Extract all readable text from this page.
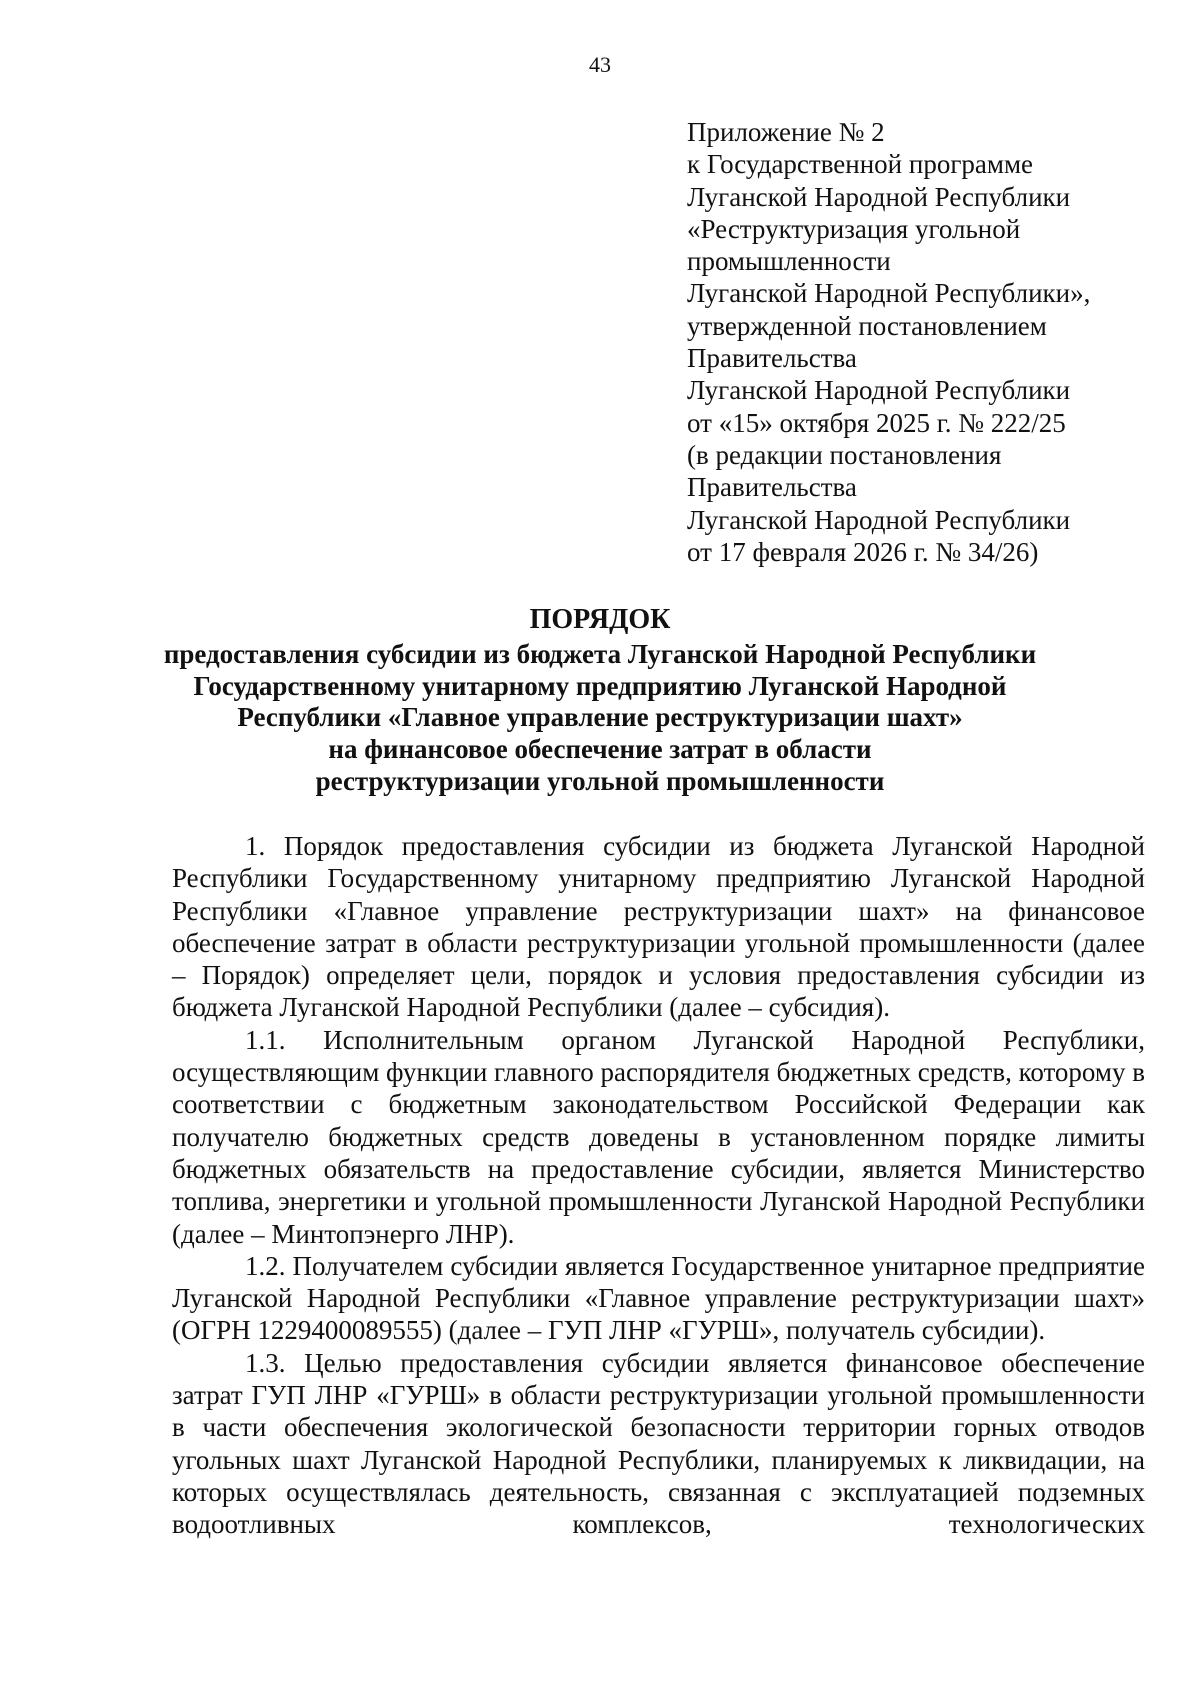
43
Приложение № 2
к Государственной программе
Луганской Народной Республики
«Реструктуризация угольной
промышленности
Луганской Народной Республики»,
утвержденной постановлением
Правительства
Луганской Народной Республики
от «15» октября 2025 г. № 222/25
(в редакции постановления
Правительства
Луганской Народной Республики
от 17 февраля 2026 г. № 34/26)
ПОРЯДОК
предоставления субсидии из бюджета Луганской Народной Республики
Государственному унитарному предприятию Луганской Народной
Республики «Главное управление реструктуризации шахт»
на финансовое обеспечение затрат в области
реструктуризации угольной промышленности

1. Порядок предоставления субсидии из бюджета Луганской Народной Республики Государственному унитарному предприятию Луганской Народной Республики «Главное управление реструктуризации шахт» на финансовое обеспечение затрат в области реструктуризации угольной промышленности (далее – Порядок) определяет цели, порядок и условия предоставления субсидии из бюджета Луганской Народной Республики (далее – субсидия).

1.1. Исполнительным органом Луганской Народной Республики, осуществляющим функции главного распорядителя бюджетных средств, которому в соответствии с бюджетным законодательством Российской Федерации как получателю бюджетных средств доведены в установленном порядке лимиты бюджетных обязательств на предоставление субсидии, является Министерство топлива, энергетики и угольной промышленности Луганской Народной Республики (далее – Минтопэнерго ЛНР).

1.2. Получателем субсидии является Государственное унитарное предприятие Луганской Народной Республики «Главное управление реструктуризации шахт» (ОГРН 1229400089555) (далее – ГУП ЛНР «ГУРШ», получатель субсидии).

1.3. Целью предоставления субсидии является финансовое обеспечение затрат ГУП ЛНР «ГУРШ» в области реструктуризации угольной промышленности в части обеспечения экологической безопасности территории горных отводов угольных шахт Луганской Народной Республики, планируемых к ликвидации, на которых осуществлялась деятельность, связанная с эксплуатацией подземных водоотливных комплексов, технологических
